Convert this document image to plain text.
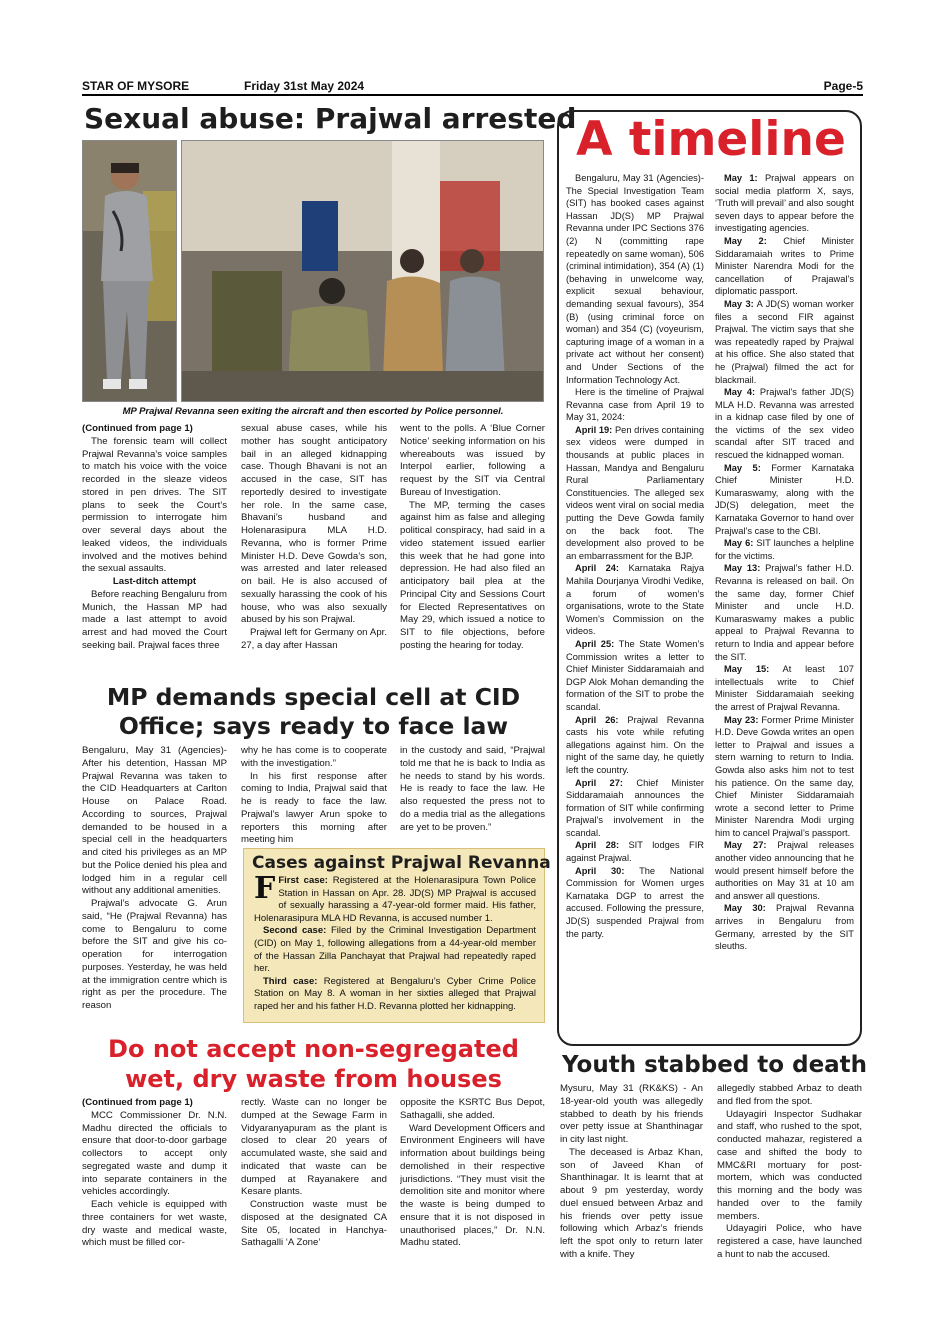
STAR OF MYSORE	Friday 31st May 2024	Page-5
Sexual abuse: Prajwal arrested
MP Prajwal Revanna seen exiting the aircraft and then escorted by Police personnel.

(Continued from page 1)

The forensic team will collect Prajwal Revanna’s voice samples to match his voice with the voice recorded in the sleaze videos stored in pen drives. The SIT plans to seek the Court’s permission to interrogate him over several days about the leaked videos, the individuals involved and the motives behind the sexual assaults.

Last-ditch attempt

Before reaching Bengaluru from Munich, the Hassan MP had made a last attempt to avoid arrest and had moved the Court seeking bail. Prajwal faces three

sexual abuse cases, while his mother has sought anticipatory bail in an alleged kidnapping case. Though Bhavani is not an accused in the case, SIT has reportedly desired to investigate her role. In the same case, Bhavani’s husband and Holenarasipura MLA H.D. Revanna, who is former Prime Minister H.D. Deve Gowda’s son, was arrested and later released on bail. He is also accused of sexually harassing the cook of his house, who was also sexually abused by his son Prajwal.

Prajwal left for Germany on Apr. 27, a day after Hassan

went to the polls. A ‘Blue Corner Notice’ seeking information on his whereabouts was issued by Interpol earlier, following a request by the SIT via Central Bureau of Investigation.

The MP, terming the cases against him as false and alleging political conspiracy, had said in a video statement issued earlier this week that he had gone into depression. He had also filed an anticipatory bail plea at the Principal City and Sessions Court for Elected Representatives on May 29, which issued a notice to SIT to file objections, before posting the hearing for today.

MP demands special cell at CID
Office; says ready to face law

Bengaluru, May 31 (Agencies)- After his detention, Hassan MP Prajwal Revanna was taken to the CID Headquarters at Carlton House on Palace Road. According to sources, Prajwal demanded to be housed in a special cell in the headquarters and cited his privileges as an MP but the Police denied his plea and lodged him in a regular cell without any additional amenities.

Prajwal’s advocate G. Arun said, “He (Prajwal Revanna) has come to Bengaluru to come before the SIT and give his co-operation for interrogation purposes. Yesterday, he was held at the immigration centre which is right as per the procedure. The reason

why he has come is to cooperate with the investigation.”

In his first response after coming to India, Prajwal said that he is ready to face the law. Prajwal’s lawyer Arun spoke to reporters this morning after meeting him

in the custody and said, “Prajwal told me that he is back to India as he needs to stand by his words. He is ready to face the law. He also requested the press not to do a media trial as the allegations are yet to be proven.”

Cases against Prajwal Revanna

F First case: Registered at the Holenarasipura Town Police Station in Hassan on Apr. 28. JD(S) MP Prajwal is accused of sexually harassing a 47-year-old former maid. His father, Holenarasipura MLA HD Revanna, is accused number 1.

Second case: Filed by the Criminal Investigation Department (CID) on May 1, following allegations from a 44-year-old member of the Hassan Zilla Panchayat that Prajwal had repeatedly raped her.

Third case: Registered at Bengaluru’s Cyber Crime Police Station on May 8. A woman in her sixties alleged that Prajwal raped her and his father H.D. Revanna plotted her kidnapping.

Do not accept non-segregated
wet, dry waste from houses

(Continued from page 1)

MCC Commissioner Dr. N.N. Madhu directed the officials to ensure that door-to-door garbage collectors to accept only segregated waste and dump it into separate containers in the vehicles accordingly.

Each vehicle is equipped with three containers for wet waste, dry waste and medical waste, which must be filled cor-

rectly. Waste can no longer be dumped at the Sewage Farm in Vidyaranyapuram as the plant is closed to clear 20 years of accumulated waste, she said and indicated that waste can be dumped at Rayanakere and Kesare plants.

Construction waste must be disposed at the designated CA Site 05, located in Hanchya-Sathagalli ‘A Zone’

opposite the KSRTC Bus Depot, Sathagalli, she added.

Ward Development Officers and Environment Engineers will have information about buildings being demolished in their respective jurisdictions. “They must visit the demolition site and monitor where the waste is being dumped to ensure that it is not disposed in unauthorised places,” Dr. N.N. Madhu stated.

A timeline

Bengaluru, May 31 (Agencies)- The Special Investigation Team (SIT) has booked cases against Hassan JD(S) MP Prajwal Revanna under IPC Sections 376 (2) N (committing rape repeatedly on same woman), 506 (criminal intimidation), 354 (A) (1) (behaving in unwelcome way, explicit sexual behaviour, demanding sexual favours), 354 (B) (using criminal force on woman) and 354 (C) (voyeurism, capturing image of a woman in a private act without her consent) and Under Sections of the Information Technology Act.

Here is the timeline of Prajwal Revanna case from April 19 to May 31, 2024:

April 19: Pen drives containing sex videos were dumped in thousands at public places in Hassan, Mandya and Bengaluru Rural Parliamentary Constituencies. The alleged sex videos went viral on social media putting the Deve Gowda family on the back foot. The development also proved to be an embarrassment for the BJP.

April 24: Karnataka Rajya Mahila Dourjanya Virodhi Vedike, a forum of women’s organisations, wrote to the State Women’s Commission on the videos.

April 25: The State Women’s Commission writes a letter to Chief Minister Siddaramaiah and DGP Alok Mohan demanding the formation of the SIT to probe the scandal.

April 26: Prajwal Revanna casts his vote while refuting allegations against him. On the night of the same day, he quietly left the country.

April 27: Chief Minister Siddaramaiah announces the formation of SIT while confirming Prajwal’s involvement in the scandal.

April 28: SIT lodges FIR against Prajwal.

April 30: The National Commission for Women urges Karnataka DGP to arrest the accused. Following the pressure, JD(S) suspended Prajwal from the party.

May 1: Prajwal appears on social media platform X, says, ‘Truth will prevail’ and also sought seven days to appear before the investigating agencies.

May 2: Chief Minister Siddaramaiah writes to Prime Minister Narendra Modi for the cancellation of Prajawal’s diplomatic passport.

May 3: A JD(S) woman worker files a second FIR against Prajwal. The victim says that she was repeatedly raped by Prajwal at his office. She also stated that he (Prajwal) filmed the act for blackmail.

May 4: Prajwal’s father JD(S) MLA H.D. Revanna was arrested in a kidnap case filed by one of the victims of the sex video scandal after SIT traced and rescued the kidnapped woman.

May 5: Former Karnataka Chief Minister H.D. Kumaraswamy, along with the JD(S) delegation, meet the Karnataka Governor to hand over Prajwal’s case to the CBI.

May 6: SIT launches a helpline for the victims.

May 13: Prajwal’s father H.D. Revanna is released on bail. On the same day, former Chief Minister and uncle H.D. Kumaraswamy makes a public appeal to Prajwal Revanna to return to India and appear before the SIT.

May 15: At least 107 intellectuals write to Chief Minister Siddaramaiah seeking the arrest of Prajwal Revanna.

May 23: Former Prime Minister H.D. Deve Gowda writes an open letter to Prajwal and issues a stern warning to return to India. Gowda also asks him not to test his patience. On the same day, Chief Minister Siddaramaiah wrote a second letter to Prime Minister Narendra Modi urging him to cancel Prajwal’s passport.

May 27: Prajwal releases another video announcing that he would present himself before the authorities on May 31 at 10 am and answer all questions.

May 30: Prajwal Revanna arrives in Bengaluru from Germany, arrested by the SIT sleuths.

Youth stabbed to death

Mysuru, May 31 (RK&KS) - An 18-year-old youth was allegedly stabbed to death by his friends over petty issue at Shanthinagar in city last night.

The deceased is Arbaz Khan, son of Javeed Khan of Shanthinagar. It is learnt that at about 9 pm yesterday, wordy duel ensued between Arbaz and his friends over petty issue following which Arbaz’s friends left the spot only to return later with a knife. They

allegedly stabbed Arbaz to death and fled from the spot.

Udayagiri Inspector Sudhakar and staff, who rushed to the spot, conducted mahazar, registered a case and shifted the body to MMC&RI mortuary for post-mortem, which was conducted this morning and the body was handed over to the family members.

Udayagiri Police, who have registered a case, have launched a hunt to nab the accused.
